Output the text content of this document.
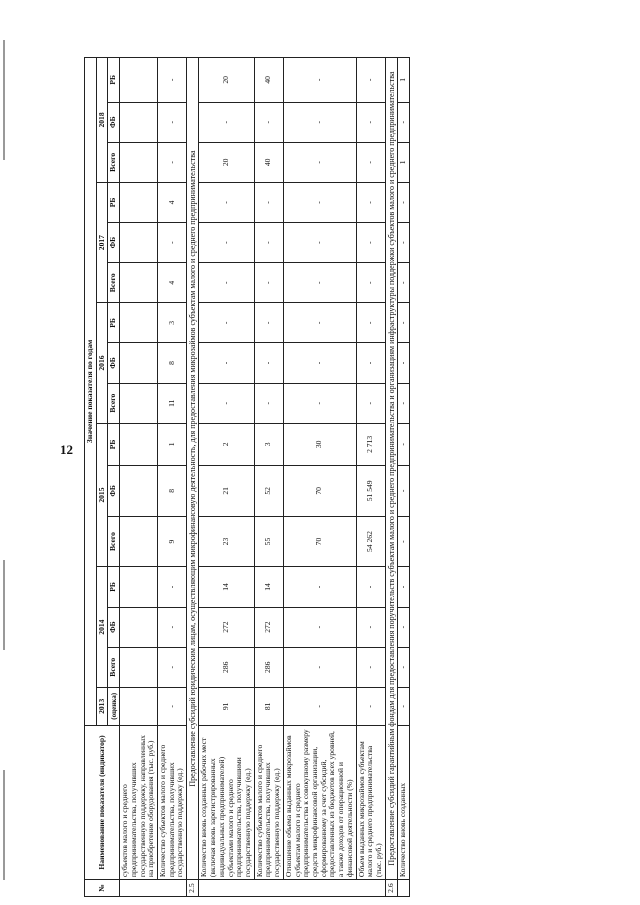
12
№	Наименование показателя (индикатор)	Значение показателя по годам															
		2013	2014			2015			2016			2017			2018		
		(оценка)	Всего	ФБ	РБ	Всего	ФБ	РБ	Всего	ФБ	РБ	Всего	ФБ	РБ	Всего	ФБ	РБ
	субъектов малого и среднего предпринимательства, получивших государственную поддержку, направленных на приобретение оборудования (тыс. руб.)																
	Количество субъектов малого и среднего предпринимательства, получивших государственную поддержку (ед.)	-	-	-	-	9	8	1	11	8	3	4	-	4	-	-	-
2.5	Предоставление субсидий юридическим лицам, осуществляющим микрофинансовую деятельность, для предоставления микрозаймов субъектам малого и среднего предпринимательства																
	Количество вновь созданных рабочих мест (включая вновь зарегистрированных индивидуальных предпринимателей) субъектами малого и среднего предпринимательства, получившими государственную поддержку (ед.)	91	286	272	14	23	21	2	-	-	-	-	-	-	20	-	20
	Количество субъектов малого и среднего предпринимательства, получивших государственную поддержку (ед.)	81	286	272	14	55	52	3	-	-	-	-	-	-	40	-	40
	Отношение объема выданных микрозаймов субъектам малого и среднего предпринимательства к совокупному размеру средств микрофинансовой организации, сформированному за счет субсидий, предоставленных из бюджетов всех уровней, а также доходов от операционной и финансовой деятельности (%)	-	-	-	-	70	70	30	-	-	-	-	-	-	-	-	-
	Объем выданных микрозаймов субъектам малого и среднего предпринимательства (тыс. руб.)	-	-	-	-	54 262	51 549	2 713	-	-	-	-	-	-	-	-	-
2.6	Предоставление субсидий гарантийным фондам для предоставления поручительств субъектам малого и среднего предпринимательства и организациям инфраструктуры поддержки субъектов малого и среднего предпринимательства																
	Количество вновь созданных	-	-	-	-	-	-	-	-	-	-	-	-	-	1	-	1
